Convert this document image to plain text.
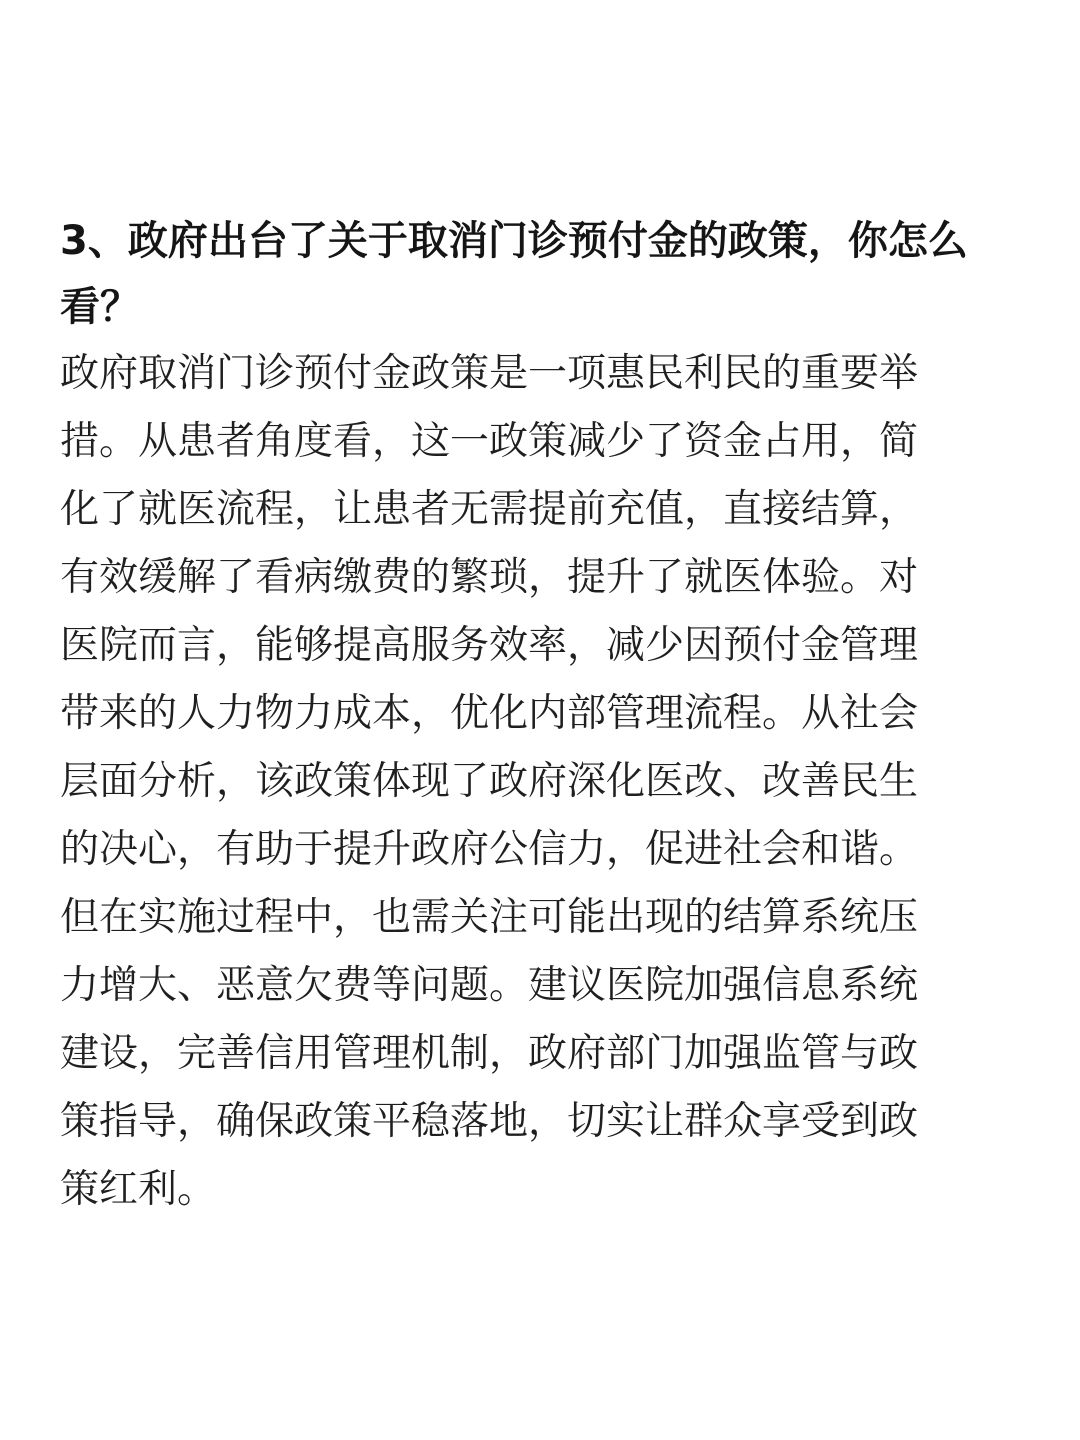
3、政府出台了关于取消门诊预付金的政策，你怎么
看？

政府取消门诊预付金政策是一项惠民利民的重要举
措。从患者角度看，这一政策减少了资金占用，简
化了就医流程，让患者无需提前充值，直接结算，
有效缓解了看病缴费的繁琐，提升了就医体验。对
医院而言，能够提高服务效率，减少因预付金管理
带来的人力物力成本，优化内部管理流程。从社会
层面分析，该政策体现了政府深化医改、改善民生
的决心，有助于提升政府公信力，促进社会和谐。
但在实施过程中，也需关注可能出现的结算系统压
力增大、恶意欠费等问题。建议医院加强信息系统
建设，完善信用管理机制，政府部门加强监管与政
策指导，确保政策平稳落地，切实让群众享受到政
策红利。
